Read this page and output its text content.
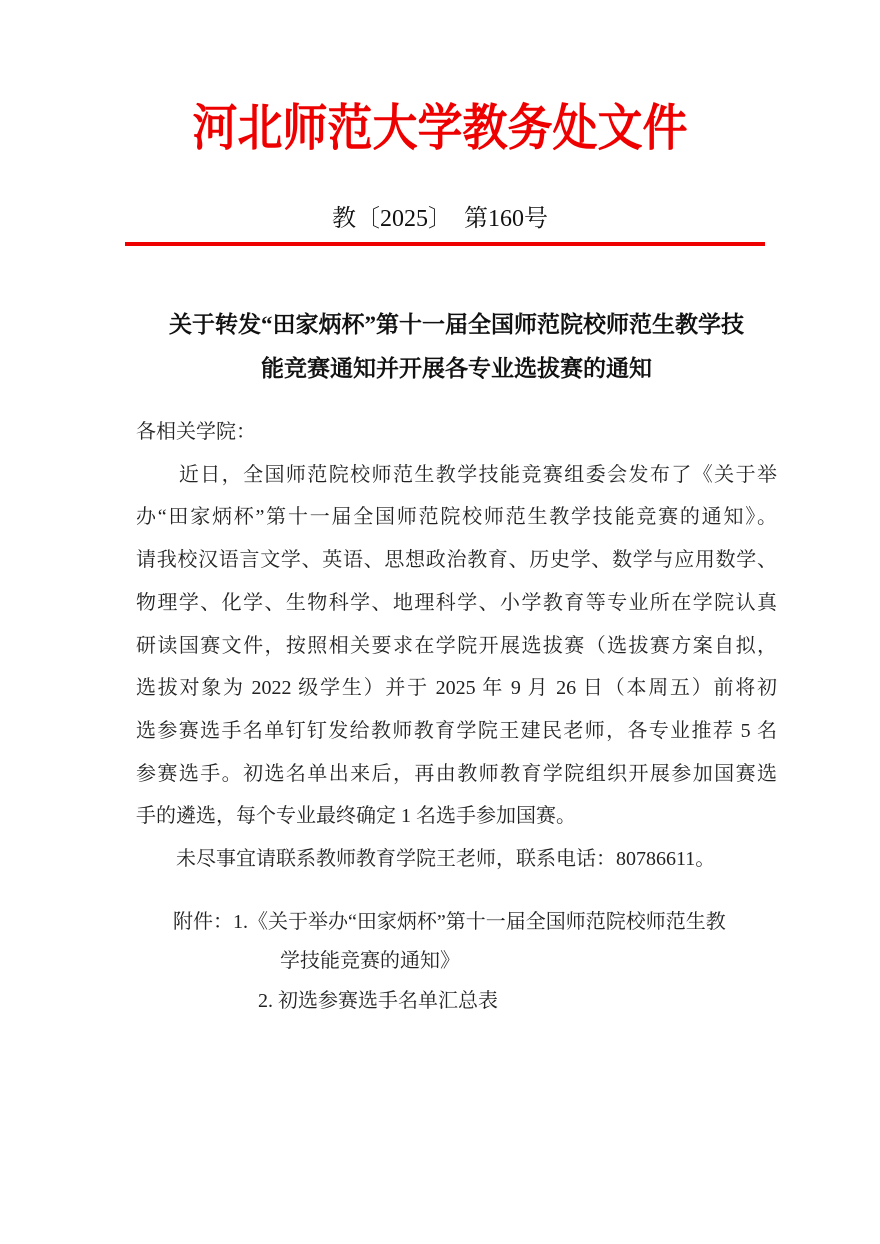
河北师范大学教务处文件
教〔2025〕　第160号
关于转发“田家炳杯”第十一届全国师范院校师范生教学技
能竞赛通知并开展各专业选拔赛的通知
各相关学院：
　　近日，全国师范院校师范生教学技能竞赛组委会发布了《关于举
办“田家炳杯”第十一届全国师范院校师范生教学技能竞赛的通知》。
请我校汉语言文学、英语、思想政治教育、历史学、数学与应用数学、
物理学、化学、生物科学、地理科学、小学教育等专业所在学院认真
研读国赛文件，按照相关要求在学院开展选拔赛（选拔赛方案自拟，
选拔对象为 2022 级学生）并于 2025 年 9 月 26 日（本周五）前将初
选参赛选手名单钉钉发给教师教育学院王建民老师，各专业推荐 5 名
参赛选手。初选名单出来后，再由教师教育学院组织开展参加国赛选
手的遴选，每个专业最终确定 1 名选手参加国赛。
　　未尽事宜请联系教师教育学院王老师，联系电话：80786611。
附件：1.《关于举办“田家炳杯”第十一届全国师范院校师范生教
学技能竞赛的通知》
2. 初选参赛选手名单汇总表
